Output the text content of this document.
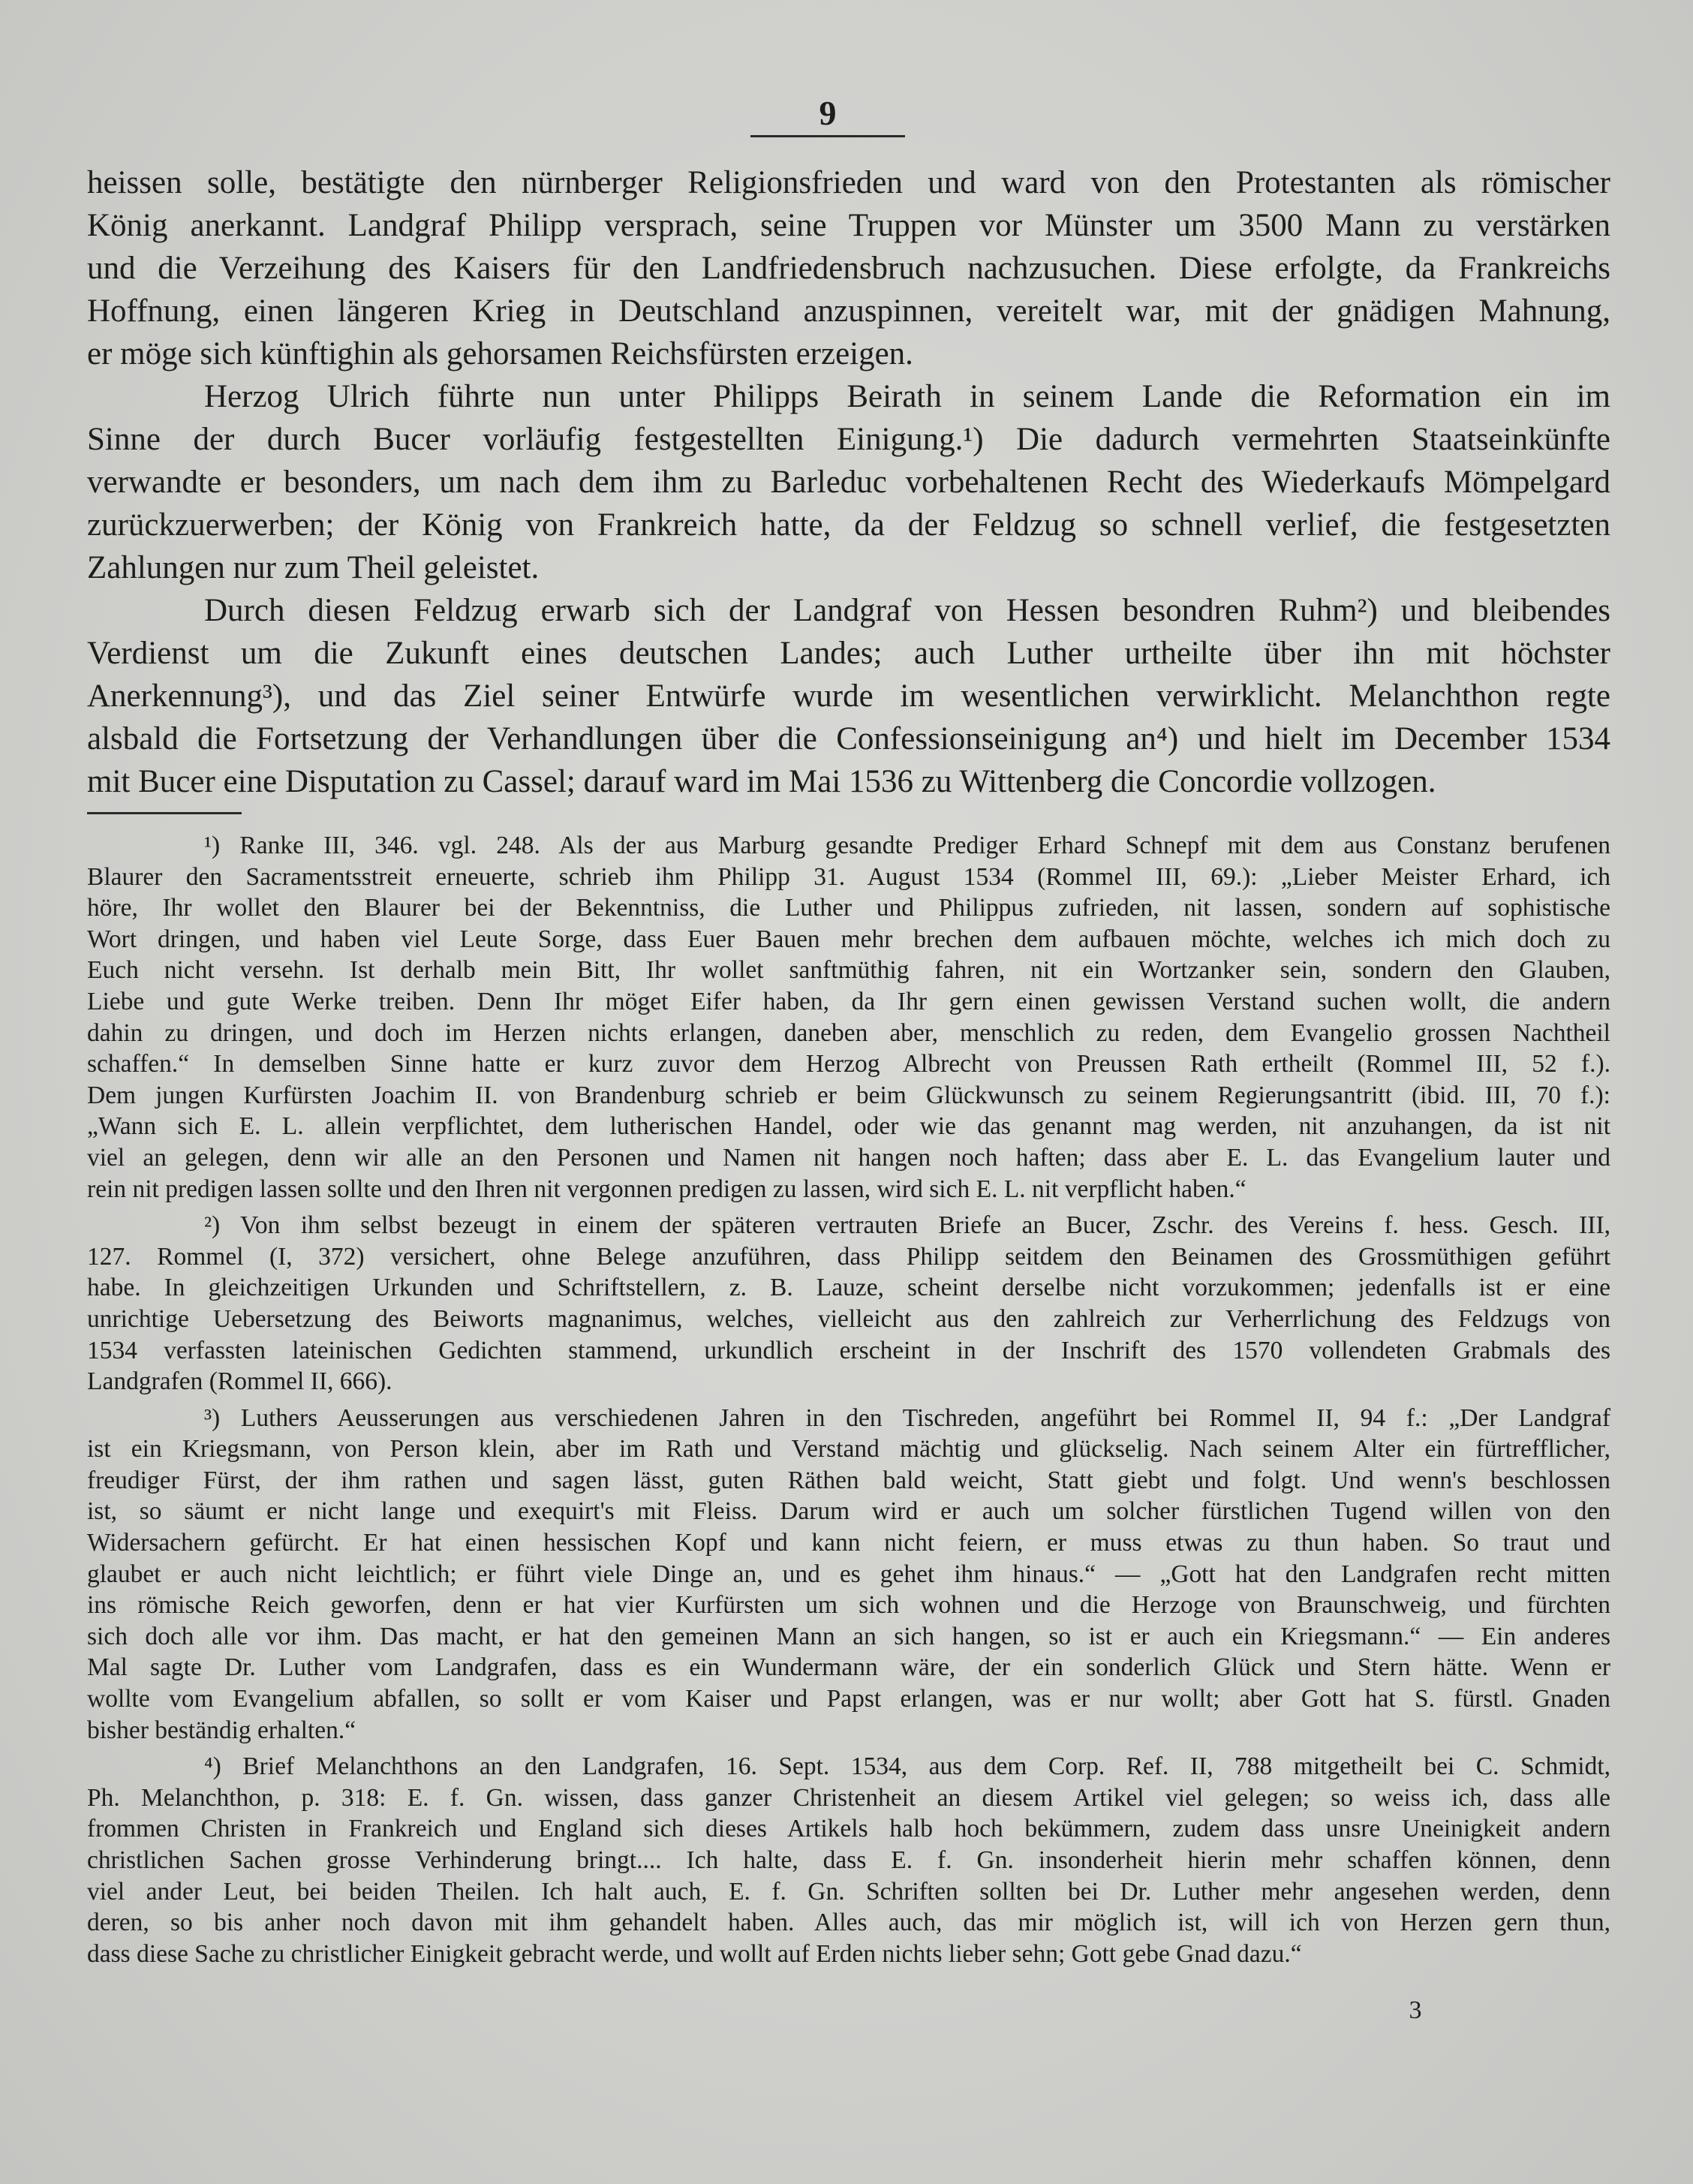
9

heissen solle, bestätigte den nürnberger Religionsfrieden und ward von den Protestanten als römischer
König anerkannt. Landgraf Philipp versprach, seine Truppen vor Münster um 3500 Mann zu verstärken
und die Verzeihung des Kaisers für den Landfriedensbruch nachzusuchen. Diese erfolgte, da Frankreichs
Hoffnung, einen längeren Krieg in Deutschland anzuspinnen, vereitelt war, mit der gnädigen Mahnung,
er möge sich künftighin als gehorsamen Reichsfürsten erzeigen.

Herzog Ulrich führte nun unter Philipps Beirath in seinem Lande die Reformation ein im
Sinne der durch Bucer vorläufig festgestellten Einigung.¹) Die dadurch vermehrten Staatseinkünfte
verwandte er besonders, um nach dem ihm zu Barleduc vorbehaltenen Recht des Wiederkaufs Mömpelgard
zurückzuerwerben; der König von Frankreich hatte, da der Feldzug so schnell verlief, die festgesetzten
Zahlungen nur zum Theil geleistet.

Durch diesen Feldzug erwarb sich der Landgraf von Hessen besondren Ruhm²) und bleibendes
Verdienst um die Zukunft eines deutschen Landes; auch Luther urtheilte über ihn mit höchster
Anerkennung³), und das Ziel seiner Entwürfe wurde im wesentlichen verwirklicht. Melanchthon regte
alsbald die Fortsetzung der Verhandlungen über die Confessionseinigung an⁴) und hielt im December 1534
mit Bucer eine Disputation zu Cassel; darauf ward im Mai 1536 zu Wittenberg die Concordie vollzogen.

¹) Ranke III, 346. vgl. 248. Als der aus Marburg gesandte Prediger Erhard Schnepf mit dem aus Constanz berufenen
Blaurer den Sacramentsstreit erneuerte, schrieb ihm Philipp 31. August 1534 (Rommel III, 69.): „Lieber Meister Erhard, ich
höre, Ihr wollet den Blaurer bei der Bekenntniss, die Luther und Philippus zufrieden, nit lassen, sondern auf sophistische
Wort dringen, und haben viel Leute Sorge, dass Euer Bauen mehr brechen dem aufbauen möchte, welches ich mich doch zu
Euch nicht versehn. Ist derhalb mein Bitt, Ihr wollet sanftmüthig fahren, nit ein Wortzanker sein, sondern den Glauben,
Liebe und gute Werke treiben. Denn Ihr möget Eifer haben, da Ihr gern einen gewissen Verstand suchen wollt, die andern
dahin zu dringen, und doch im Herzen nichts erlangen, daneben aber, menschlich zu reden, dem Evangelio grossen Nachtheil
schaffen.“ In demselben Sinne hatte er kurz zuvor dem Herzog Albrecht von Preussen Rath ertheilt (Rommel III, 52 f.).
Dem jungen Kurfürsten Joachim II. von Brandenburg schrieb er beim Glückwunsch zu seinem Regierungsantritt (ibid. III, 70 f.):
„Wann sich E. L. allein verpflichtet, dem lutherischen Handel, oder wie das genannt mag werden, nit anzuhangen, da ist nit
viel an gelegen, denn wir alle an den Personen und Namen nit hangen noch haften; dass aber E. L. das Evangelium lauter und
rein nit predigen lassen sollte und den Ihren nit vergonnen predigen zu lassen, wird sich E. L. nit verpflicht haben.“
²) Von ihm selbst bezeugt in einem der späteren vertrauten Briefe an Bucer, Zschr. des Vereins f. hess. Gesch. III,
127. Rommel (I, 372) versichert, ohne Belege anzuführen, dass Philipp seitdem den Beinamen des Grossmüthigen geführt
habe. In gleichzeitigen Urkunden und Schriftstellern, z. B. Lauze, scheint derselbe nicht vorzukommen; jedenfalls ist er eine
unrichtige Uebersetzung des Beiworts magnanimus, welches, vielleicht aus den zahlreich zur Verherrlichung des Feldzugs von
1534 verfassten lateinischen Gedichten stammend, urkundlich erscheint in der Inschrift des 1570 vollendeten Grabmals des
Landgrafen (Rommel II, 666).
³) Luthers Aeusserungen aus verschiedenen Jahren in den Tischreden, angeführt bei Rommel II, 94 f.: „Der Landgraf
ist ein Kriegsmann, von Person klein, aber im Rath und Verstand mächtig und glückselig. Nach seinem Alter ein fürtrefflicher,
freudiger Fürst, der ihm rathen und sagen lässt, guten Räthen bald weicht, Statt giebt und folgt. Und wenn's beschlossen
ist, so säumt er nicht lange und exequirt's mit Fleiss. Darum wird er auch um solcher fürstlichen Tugend willen von den
Widersachern gefürcht. Er hat einen hessischen Kopf und kann nicht feiern, er muss etwas zu thun haben. So traut und
glaubet er auch nicht leichtlich; er führt viele Dinge an, und es gehet ihm hinaus.“ — „Gott hat den Landgrafen recht mitten
ins römische Reich geworfen, denn er hat vier Kurfürsten um sich wohnen und die Herzoge von Braunschweig, und fürchten
sich doch alle vor ihm. Das macht, er hat den gemeinen Mann an sich hangen, so ist er auch ein Kriegsmann.“ — Ein anderes
Mal sagte Dr. Luther vom Landgrafen, dass es ein Wundermann wäre, der ein sonderlich Glück und Stern hätte. Wenn er
wollte vom Evangelium abfallen, so sollt er vom Kaiser und Papst erlangen, was er nur wollt; aber Gott hat S. fürstl. Gnaden
bisher beständig erhalten.“
⁴) Brief Melanchthons an den Landgrafen, 16. Sept. 1534, aus dem Corp. Ref. II, 788 mitgetheilt bei C. Schmidt,
Ph. Melanchthon, p. 318: E. f. Gn. wissen, dass ganzer Christenheit an diesem Artikel viel gelegen; so weiss ich, dass alle
frommen Christen in Frankreich und England sich dieses Artikels halb hoch bekümmern, zudem dass unsre Uneinigkeit andern
christlichen Sachen grosse Verhinderung bringt.... Ich halte, dass E. f. Gn. insonderheit hierin mehr schaffen können, denn
viel ander Leut, bei beiden Theilen. Ich halt auch, E. f. Gn. Schriften sollten bei Dr. Luther mehr angesehen werden, denn
deren, so bis anher noch davon mit ihm gehandelt haben. Alles auch, das mir möglich ist, will ich von Herzen gern thun,
dass diese Sache zu christlicher Einigkeit gebracht werde, und wollt auf Erden nichts lieber sehn; Gott gebe Gnad dazu.“
3
